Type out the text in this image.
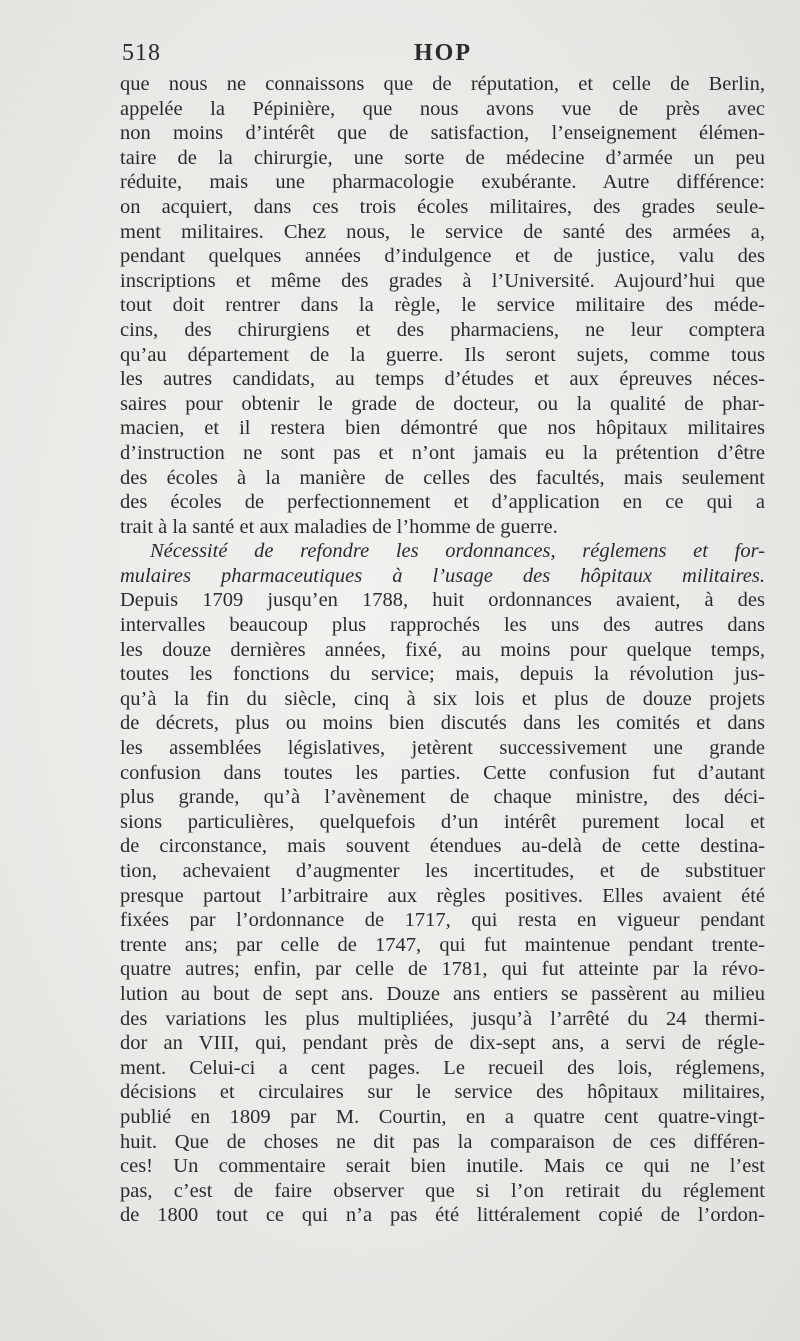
518	HOP
que nous ne connaissons que de réputation, et celle de Berlin,
appelée la Pépinière, que nous avons vue de près avec
non moins d’intérêt que de satisfaction, l’enseignement élémen-
taire de la chirurgie, une sorte de médecine d’armée un peu
réduite, mais une pharmacologie exubérante. Autre différence:
on acquiert, dans ces trois écoles militaires, des grades seule-
ment militaires. Chez nous, le service de santé des armées a,
pendant quelques années d’indulgence et de justice, valu des
inscriptions et même des grades à l’Université. Aujourd’hui que
tout doit rentrer dans la règle, le service militaire des méde-
cins, des chirurgiens et des pharmaciens, ne leur comptera
qu’au département de la guerre. Ils seront sujets, comme tous
les autres candidats, au temps d’études et aux épreuves néces-
saires pour obtenir le grade de docteur, ou la qualité de phar-
macien, et il restera bien démontré que nos hôpitaux militaires
d’instruction ne sont pas et n’ont jamais eu la prétention d’être
des écoles à la manière de celles des facultés, mais seulement
des écoles de perfectionnement et d’application en ce qui a
trait à la santé et aux maladies de l’homme de guerre.
Nécessité de refondre les ordonnances, réglemens et for-
mulaires pharmaceutiques à l’usage des hôpitaux militaires.
Depuis 1709 jusqu’en 1788, huit ordonnances avaient, à des
intervalles beaucoup plus rapprochés les uns des autres dans
les douze dernières années, fixé, au moins pour quelque temps,
toutes les fonctions du service; mais, depuis la révolution jus-
qu’à la fin du siècle, cinq à six lois et plus de douze projets
de décrets, plus ou moins bien discutés dans les comités et dans
les assemblées législatives, jetèrent successivement une grande
confusion dans toutes les parties. Cette confusion fut d’autant
plus grande, qu’à l’avènement de chaque ministre, des déci-
sions particulières, quelquefois d’un intérêt purement local et
de circonstance, mais souvent étendues au-delà de cette destina-
tion, achevaient d’augmenter les incertitudes, et de substituer
presque partout l’arbitraire aux règles positives. Elles avaient été
fixées par l’ordonnance de 1717, qui resta en vigueur pendant
trente ans; par celle de 1747, qui fut maintenue pendant trente-
quatre autres; enfin, par celle de 1781, qui fut atteinte par la révo-
lution au bout de sept ans. Douze ans entiers se passèrent au milieu
des variations les plus multipliées, jusqu’à l’arrêté du 24 thermi-
dor an VIII, qui, pendant près de dix-sept ans, a servi de régle-
ment. Celui-ci a cent pages. Le recueil des lois, réglemens,
décisions et circulaires sur le service des hôpitaux militaires,
publié en 1809 par M. Courtin, en a quatre cent quatre-vingt-
huit. Que de choses ne dit pas la comparaison de ces différen-
ces! Un commentaire serait bien inutile. Mais ce qui ne l’est
pas, c’est de faire observer que si l’on retirait du réglement
de 1800 tout ce qui n’a pas été littéralement copié de l’ordon-
